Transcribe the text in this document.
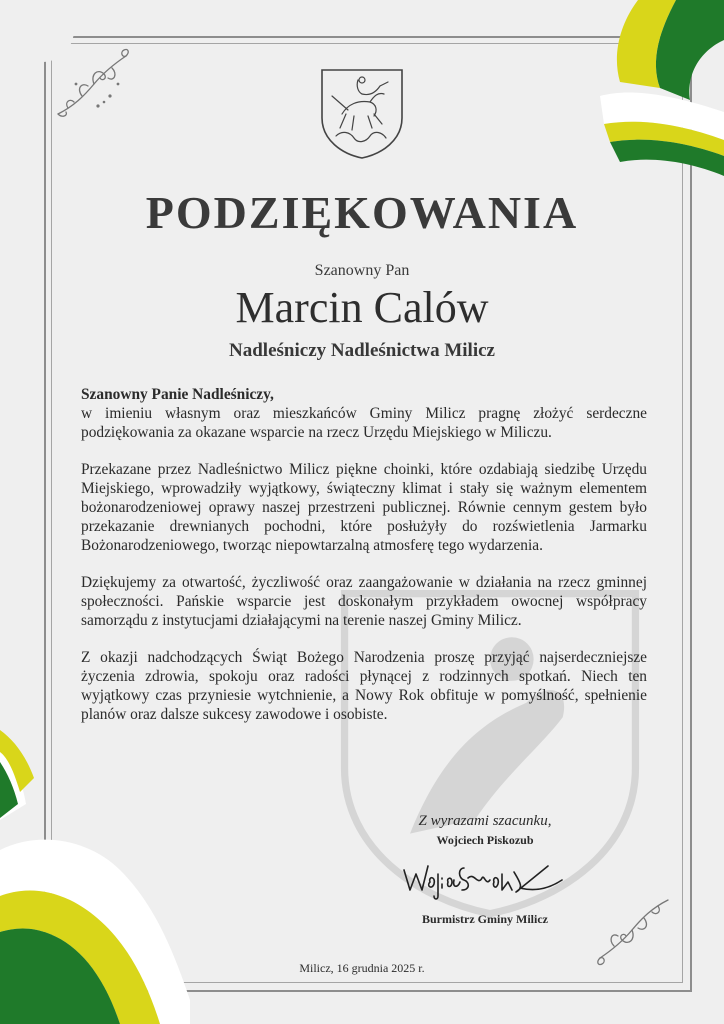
PODZIĘKOWANIA
Szanowny Pan
Marcin Calów
Nadleśniczy Nadleśnictwa Milicz

Szanowny Panie Nadleśniczy,
w imieniu własnym oraz mieszkańców Gminy Milicz pragnę złożyć serdeczne podziękowania za okazane wsparcie na rzecz Urzędu Miejskiego w Miliczu.

Przekazane przez Nadleśnictwo Milicz piękne choinki, które ozdabiają siedzibę Urzędu Miejskiego, wprowadziły wyjątkowy, świąteczny klimat i stały się ważnym elementem bożonarodzeniowej oprawy naszej przestrzeni publicznej. Równie cennym gestem było przekazanie drewnianych pochodni, które posłużyły do rozświetlenia Jarmarku Bożonarodzeniowego, tworząc niepowtarzalną atmosferę tego wydarzenia.

Dziękujemy za otwartość, życzliwość oraz zaangażowanie w działania na rzecz gminnej społeczności. Pańskie wsparcie jest doskonałym przykładem owocnej współpracy samorządu z instytucjami działającymi na terenie naszej Gminy Milicz.

Z okazji nadchodzących Świąt Bożego Narodzenia proszę przyjąć najserdeczniejsze życzenia zdrowia, spokoju oraz radości płynącej z rodzinnych spotkań. Niech ten wyjątkowy czas przyniesie wytchnienie, a Nowy Rok obfituje w pomyślność, spełnienie planów oraz dalsze sukcesy zawodowe i osobiste.

Z wyrazami szacunku,
Wojciech Piskozub
Burmistrz Gminy Milicz
Milicz, 16 grudnia 2025 r.
